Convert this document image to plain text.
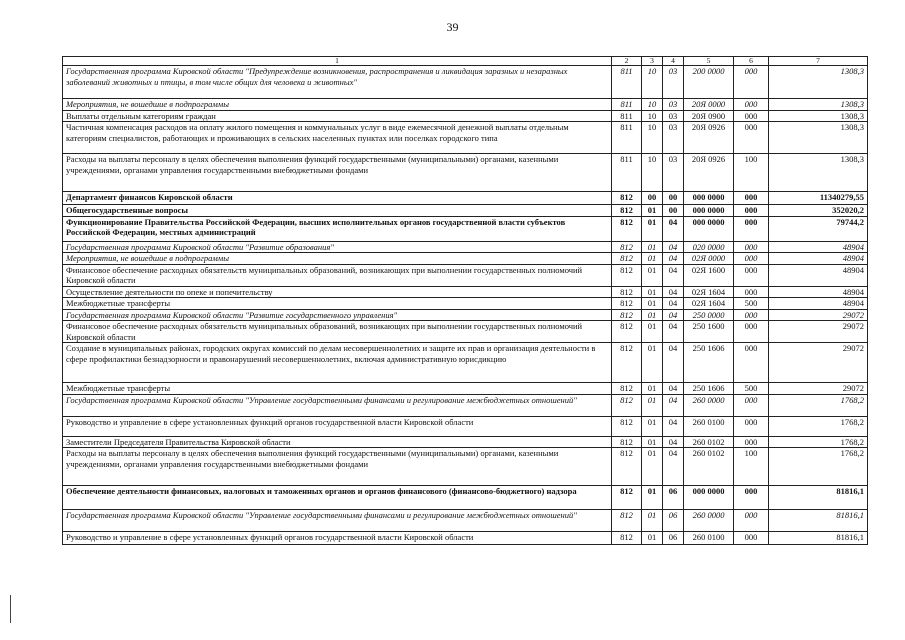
39
1	2	3	4	5	6	7
Государственная программа Кировской области "Предупреждение возникновения, распространения и ликвидация заразных и незаразных заболеваний животных и птицы, в том числе общих для человека и животных"	811	10	03	200 0000	000	1308,3
Мероприятия, не вошедшие в подпрограммы	811	10	03	20Я 0000	000	1308,3
Выплаты отдельным категориям граждан	811	10	03	20Я 0900	000	1308,3
Частичная компенсация расходов на оплату жилого помещения и коммунальных услуг в виде ежемесячной денежной выплаты отдельным категориям специалистов, работающих и проживающих в сельских населенных пунктах или поселках городского типа	811	10	03	20Я 0926	000	1308,3
Расходы на выплаты персоналу в целях обеспечения выполнения функций государственными (муниципальными) органами, казенными учреждениями, органами управления государственными внебюджетными фондами	811	10	03	20Я 0926	100	1308,3
Департамент финансов Кировской области	812	00	00	000 0000	000	11340279,55
Общегосударственные вопросы	812	01	00	000 0000	000	352020,2
Функционирование Правительства Российской Федерации, высших исполнительных органов государственной власти субъектов Российской Федерации, местных администраций	812	01	04	000 0000	000	79744,2
Государственная программа Кировской области "Развитие образования"	812	01	04	020 0000	000	48904
Мероприятия, не вошедшие в подпрограммы	812	01	04	02Я 0000	000	48904
Финансовое обеспечение расходных обязательств муниципальных образований, возникающих при выполнении государственных полномочий Кировской области	812	01	04	02Я 1600	000	48904
Осуществление деятельности по опеке и попечительству	812	01	04	02Я 1604	000	48904
Межбюджетные трансферты	812	01	04	02Я 1604	500	48904
Государственная программа Кировской области "Развитие государственного управления"	812	01	04	250 0000	000	29072
Финансовое обеспечение расходных обязательств муниципальных образований, возникающих при выполнении государственных полномочий Кировской области	812	01	04	250 1600	000	29072
Создание в муниципальных районах, городских округах комиссий по делам несовершеннолетних и защите их прав и организация деятельности в сфере профилактики безнадзорности и правонарушений несовершеннолетних, включая административную юрисдикцию	812	01	04	250 1606	000	29072
Межбюджетные трансферты	812	01	04	250 1606	500	29072
Государственная программа Кировской области "Управление государственными финансами и регулирование межбюджетных отношений"	812	01	04	260 0000	000	1768,2
Руководство и управление в сфере установленных функций органов государственной власти Кировской области	812	01	04	260 0100	000	1768,2
Заместители Председателя Правительства Кировской области	812	01	04	260 0102	000	1768,2
Расходы на выплаты персоналу в целях обеспечения выполнения функций государственными (муниципальными) органами, казенными учреждениями, органами управления государственными внебюджетными фондами	812	01	04	260 0102	100	1768,2
Обеспечение деятельности финансовых, налоговых и таможенных органов и органов финансового (финансово-бюджетного) надзора	812	01	06	000 0000	000	81816,1
Государственная программа Кировской области "Управление государственными финансами и регулирование межбюджетных отношений"	812	01	06	260 0000	000	81816,1
Руководство и управление в сфере установленных функций органов государственной власти Кировской области	812	01	06	260 0100	000	81816,1
